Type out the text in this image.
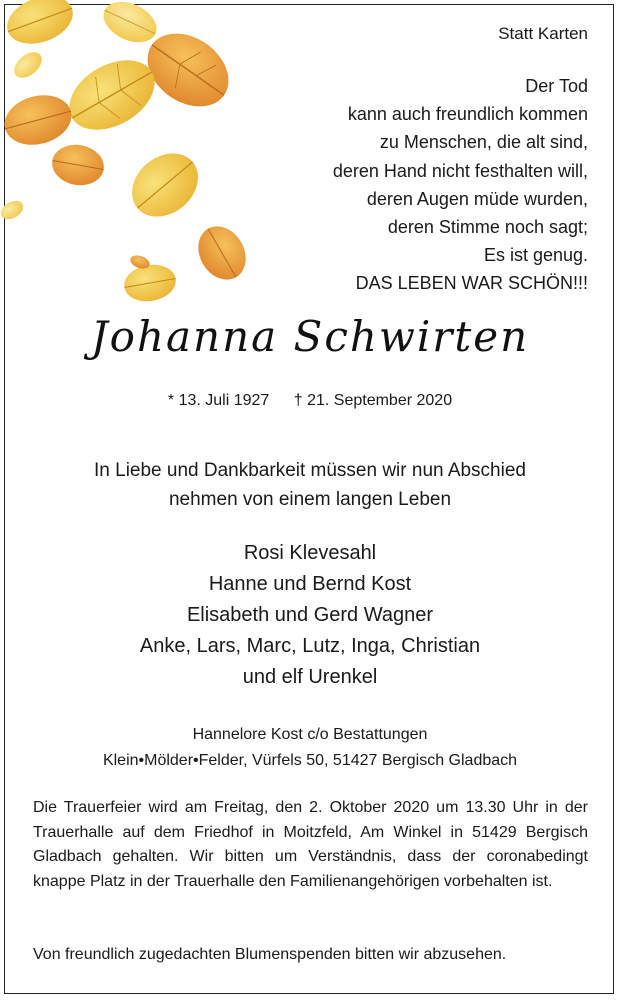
Statt Karten
Der Tod
kann auch freundlich kommen
zu Menschen, die alt sind,
deren Hand nicht festhalten will,
deren Augen müde wurden,
deren Stimme noch sagt;
Es ist genug.
DAS LEBEN WAR SCHÖN!!!
Johanna Schwirten
* 13. Juli 1927 † 21. September 2020
In Liebe und Dankbarkeit müssen wir nun Abschied
nehmen von einem langen Leben
Rosi Klevesahl
Hanne und Bernd Kost
Elisabeth und Gerd Wagner
Anke, Lars, Marc, Lutz, Inga, Christian
und elf Urenkel
Hannelore Kost c/o Bestattungen
Klein•Mölder•Felder, Vürfels 50, 51427 Bergisch Gladbach
Die Trauerfeier wird am Freitag, den 2. Oktober 2020 um 13.30 Uhr in der Trauerhalle auf dem Friedhof in Moitzfeld, Am Winkel in 51429 Bergisch Gladbach gehalten. Wir bitten um Verständnis, dass der coronabedingt knappe Platz in der Trauerhalle den Familienangehörigen vorbehalten ist.
Von freundlich zugedachten Blumenspenden bitten wir abzusehen.
